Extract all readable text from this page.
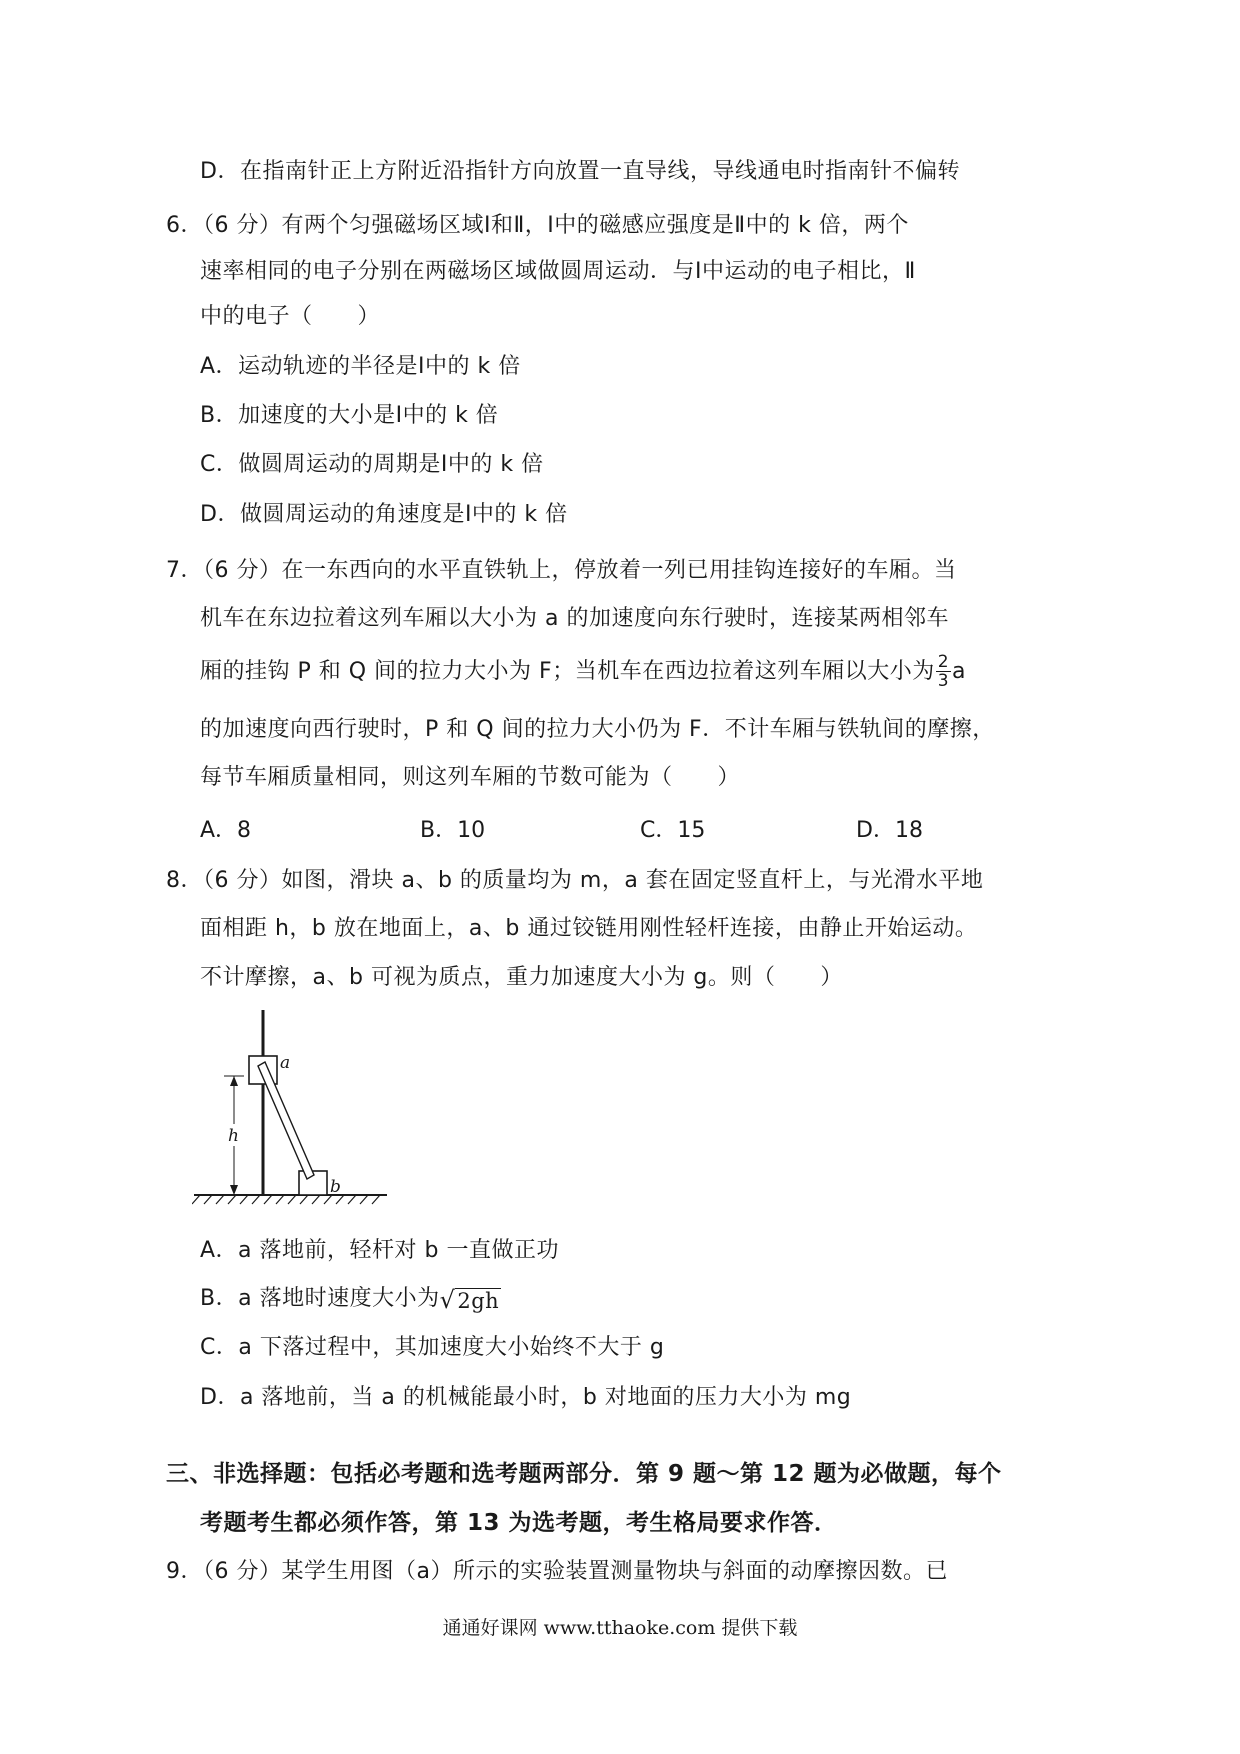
D．在指南针正上方附近沿指针方向放置一直导线，导线通电时指南针不偏转
6．（6 分）有两个匀强磁场区域Ⅰ和Ⅱ，Ⅰ中的磁感应强度是Ⅱ中的 k 倍，两个
速率相同的电子分别在两磁场区域做圆周运动．与Ⅰ中运动的电子相比，Ⅱ
中的电子（　　）
A．运动轨迹的半径是Ⅰ中的 k 倍
B．加速度的大小是Ⅰ中的 k 倍
C．做圆周运动的周期是Ⅰ中的 k 倍
D．做圆周运动的角速度是Ⅰ中的 k 倍
7．（6 分）在一东西向的水平直铁轨上，停放着一列已用挂钩连接好的车厢。当
机车在东边拉着这列车厢以大小为 a 的加速度向东行驶时，连接某两相邻车
厢的挂钩 P 和 Q 间的拉力大小为 F；当机车在西边拉着这列车厢以大小为 $\frac{2}{3}$ a
的加速度向西行驶时，P 和 Q 间的拉力大小仍为 F．不计车厢与铁轨间的摩擦，
每节车厢质量相同，则这列车厢的节数可能为（　　）
A．8	B．10	C．15	D．18
8．（6 分）如图，滑块 a、b 的质量均为 m，a 套在固定竖直杆上，与光滑水平地
面相距 h，b 放在地面上，a、b 通过铰链用刚性轻杆连接，由静止开始运动。
不计摩擦，a、b 可视为质点，重力加速度大小为 g。则（　　）
a
b
h
A．a 落地前，轻杆对 b 一直做正功
B．a 落地时速度大小为 √ 2gh
C．a 下落过程中，其加速度大小始终不大于 g
D．a 落地前，当 a 的机械能最小时，b 对地面的压力大小为 mg
三、非选择题：包括必考题和选考题两部分．第 9 题～第 12 题为必做题，每个
考题考生都必须作答，第 13 为选考题，考生格局要求作答．
9．（6 分）某学生用图（a）所示的实验装置测量物块与斜面的动摩擦因数。已
通通好课网 www.tthaoke.com 提供下载
